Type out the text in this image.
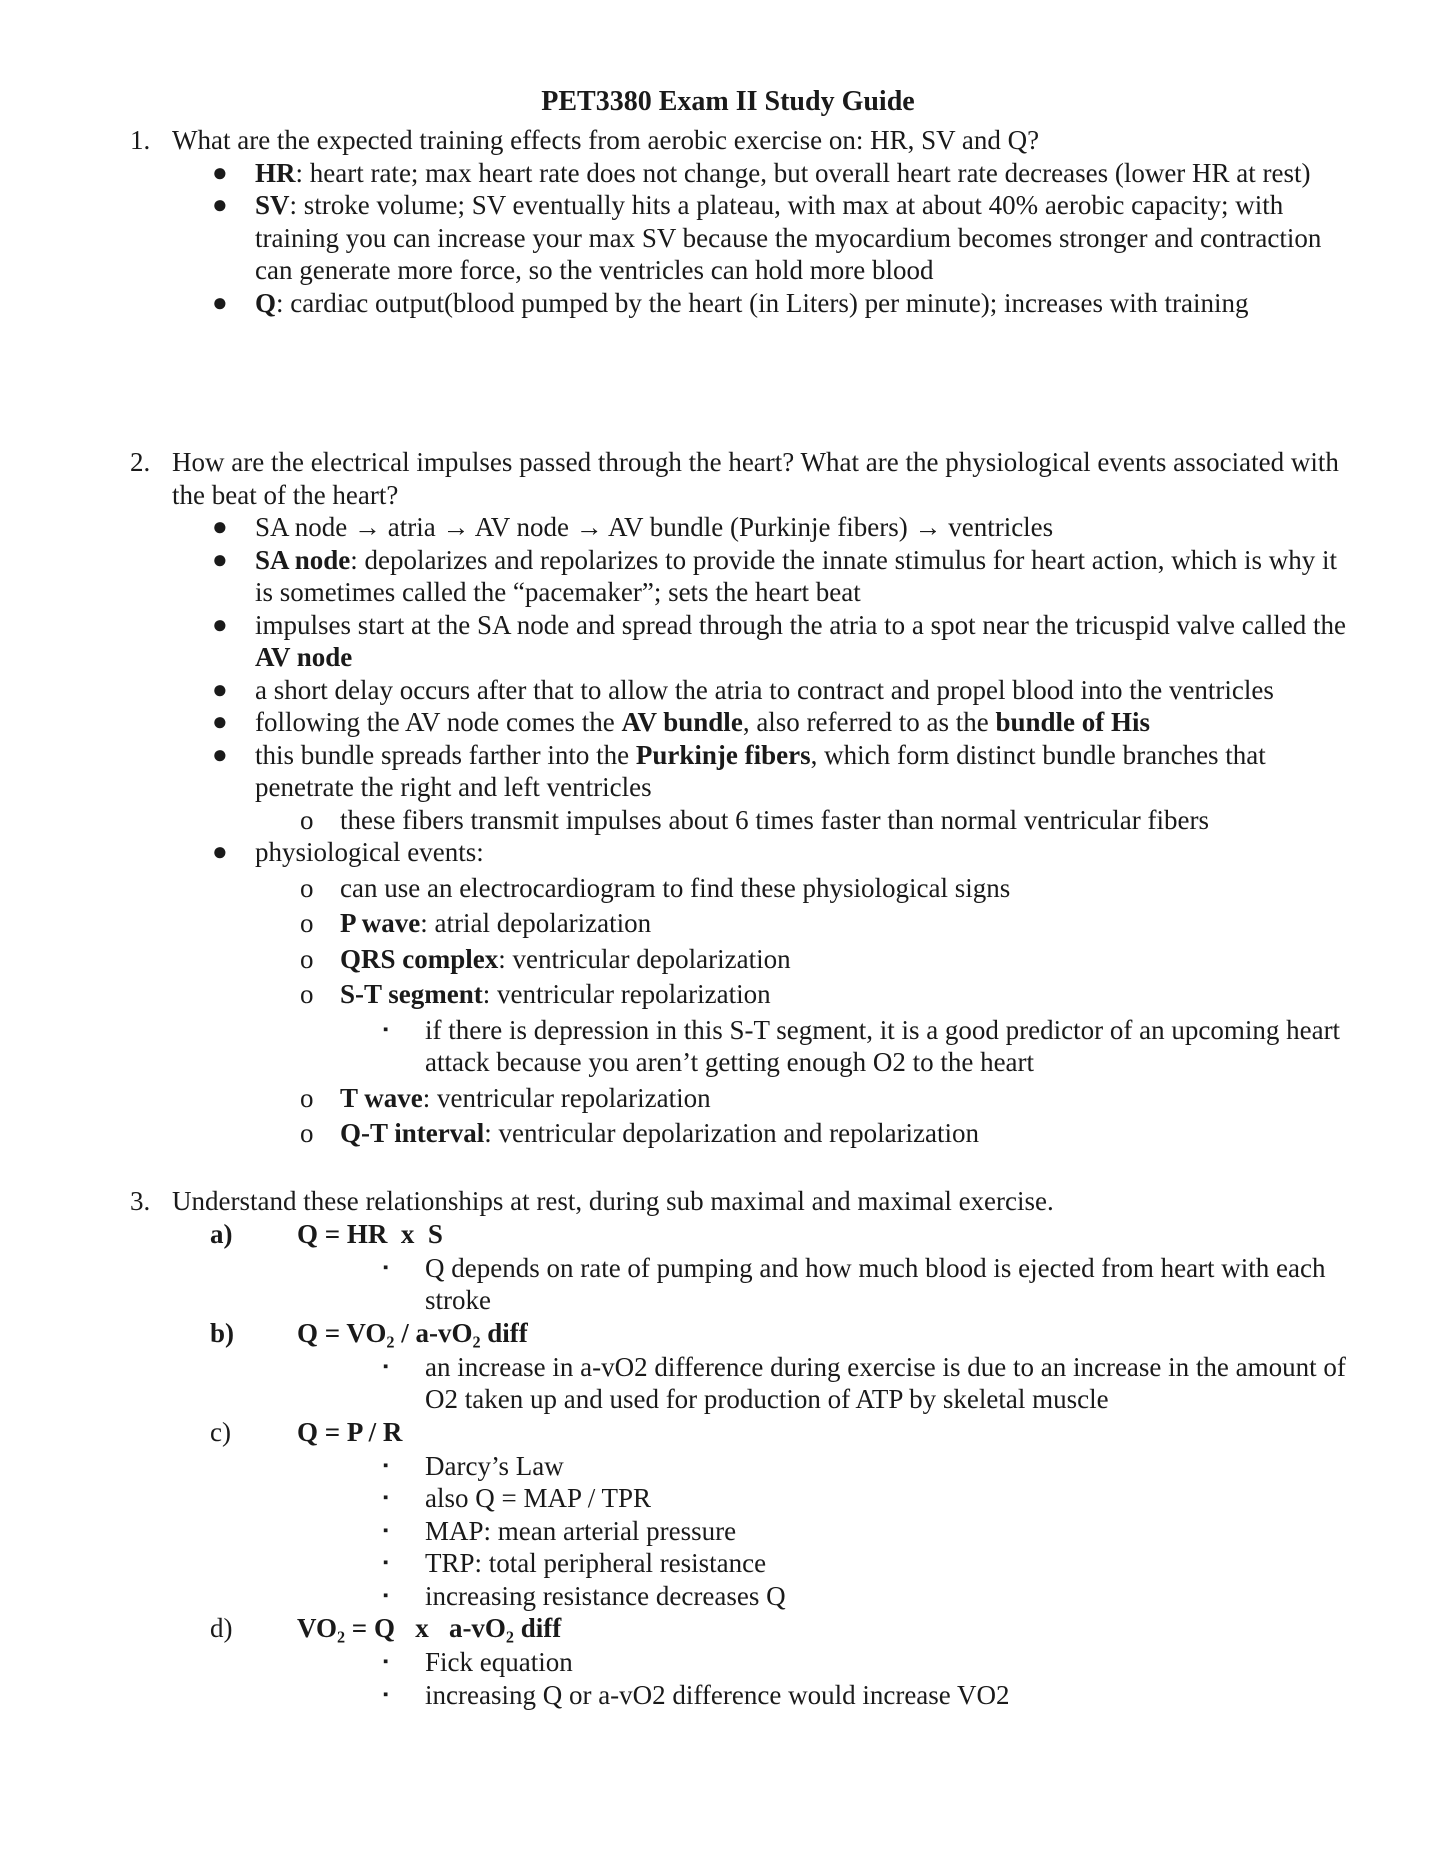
PET3380 Exam II Study Guide
1. What are the expected training effects from aerobic exercise on: HR, SV and Q?
● HR: heart rate; max heart rate does not change, but overall heart rate decreases (lower HR at rest)
● SV: stroke volume; SV eventually hits a plateau, with max at about 40% aerobic capacity; with training you can increase your max SV because the myocardium becomes stronger and contraction can generate more force, so the ventricles can hold more blood
● Q: cardiac output(blood pumped by the heart (in Liters) per minute); increases with training
2. How are the electrical impulses passed through the heart? What are the physiological events associated with the beat of the heart?
● SA node → atria → AV node → AV bundle (Purkinje fibers) → ventricles
● SA node: depolarizes and repolarizes to provide the innate stimulus for heart action, which is why it is sometimes called the “pacemaker”; sets the heart beat
● impulses start at the SA node and spread through the atria to a spot near the tricuspid valve called the AV node
● a short delay occurs after that to allow the atria to contract and propel blood into the ventricles
● following the AV node comes the AV bundle, also referred to as the bundle of His
● this bundle spreads farther into the Purkinje fibers, which form distinct bundle branches that penetrate the right and left ventricles
o these fibers transmit impulses about 6 times faster than normal ventricular fibers
● physiological events:
o can use an electrocardiogram to find these physiological signs
o P wave: atrial depolarization
o QRS complex: ventricular depolarization
o S-T segment: ventricular repolarization
▪ if there is depression in this S-T segment, it is a good predictor of an upcoming heart attack because you aren’t getting enough O2 to the heart
o T wave: ventricular repolarization
o Q-T interval: ventricular depolarization and repolarization
3. Understand these relationships at rest, during sub maximal and maximal exercise.
a) Q = HR  x  S
▪ Q depends on rate of pumping and how much blood is ejected from heart with each stroke
b) Q = VO₂ / a-vO₂ diff
▪ an increase in a-vO2 difference during exercise is due to an increase in the amount of O2 taken up and used for production of ATP by skeletal muscle
c) Q = P / R
▪ Darcy’s Law
▪ also Q = MAP / TPR
▪ MAP: mean arterial pressure
▪ TRP: total peripheral resistance
▪ increasing resistance decreases Q
d) VO₂ = Q   x   a-vO₂ diff
▪ Fick equation
▪ increasing Q or a-vO2 difference would increase VO2
